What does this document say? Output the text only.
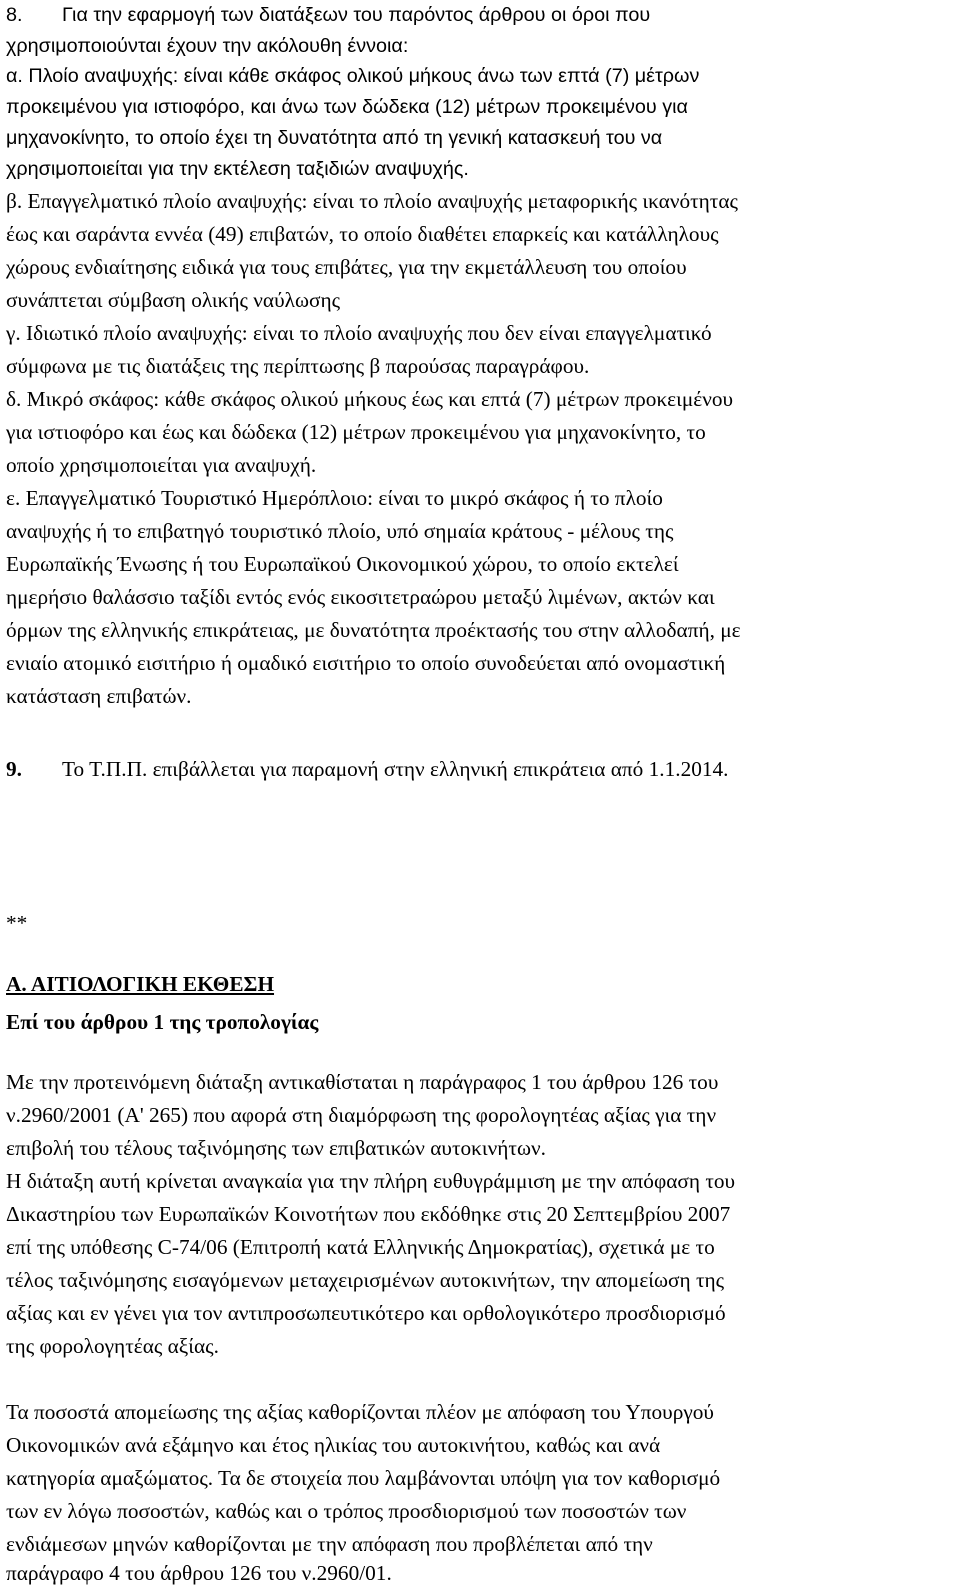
8. Για την εφαρμογή των διατάξεων του παρόντος άρθρου οι όροι που
χρησιμοποιούνται έχουν την ακόλουθη έννοια:
α. Πλοίο αναψυχής: είναι κάθε σκάφος ολικού μήκους άνω των επτά (7) μέτρων
προκειμένου για ιστιοφόρο, και άνω των δώδεκα (12) μέτρων προκειμένου για
μηχανοκίνητο, το οποίο έχει τη δυνατότητα από τη γενική κατασκευή του να
χρησιμοποιείται για την εκτέλεση ταξιδιών αναψυχής.
β. Επαγγελματικό πλοίο αναψυχής: είναι το πλοίο αναψυχής μεταφορικής ικανότητας
έως και σαράντα εννέα (49) επιβατών, το οποίο διαθέτει επαρκείς και κατάλληλους
χώρους ενδιαίτησης ειδικά για τους επιβάτες, για την εκμετάλλευση του οποίου
συνάπτεται σύμβαση ολικής ναύλωσης
γ. Ιδιωτικό πλοίο αναψυχής: είναι το πλοίο αναψυχής που δεν είναι επαγγελματικό
σύμφωνα με τις διατάξεις της περίπτωσης β παρούσας παραγράφου.
δ. Μικρό σκάφος: κάθε σκάφος ολικού μήκους έως και επτά (7) μέτρων προκειμένου
για ιστιοφόρο και έως και δώδεκα (12) μέτρων προκειμένου για μηχανοκίνητο, το
οποίο χρησιμοποιείται για αναψυχή.
ε. Επαγγελματικό Τουριστικό Ημερόπλοιο: είναι το μικρό σκάφος ή το πλοίο
αναψυχής ή το επιβατηγό τουριστικό πλοίο, υπό σημαία κράτους - μέλους της
Ευρωπαϊκής Ένωσης ή του Ευρωπαϊκού Οικονομικού χώρου, το οποίο εκτελεί
ημερήσιο θαλάσσιο ταξίδι εντός ενός εικοσιτετραώρου μεταξύ λιμένων, ακτών και
όρμων της ελληνικής επικράτειας, με δυνατότητα προέκτασής του στην αλλοδαπή, με
ενιαίο ατομικό εισιτήριο ή ομαδικό εισιτήριο το οποίο συνοδεύεται από ονομαστική
κατάσταση επιβατών.
9. Το Τ.Π.Π. επιβάλλεται για παραμονή στην ελληνική επικράτεια από 1.1.2014.
**
Α. ΑΙΤΙΟΛΟΓΙΚΗ ΕΚΘΕΣΗ
Επί του άρθρου 1 της τροπολογίας
Με την προτεινόμενη διάταξη αντικαθίσταται η παράγραφος 1 του άρθρου 126 του
ν.2960/2001 (Α' 265) που αφορά στη διαμόρφωση της φορολογητέας αξίας για την
επιβολή του τέλους ταξινόμησης των επιβατικών αυτοκινήτων.
Η διάταξη αυτή κρίνεται αναγκαία για την πλήρη ευθυγράμμιση με την απόφαση του
Δικαστηρίου των Ευρωπαϊκών Κοινοτήτων που εκδόθηκε στις 20 Σεπτεμβρίου 2007
επί της υπόθεσης C-74/06 (Επιτροπή κατά Ελληνικής Δημοκρατίας), σχετικά με το
τέλος ταξινόμησης εισαγόμενων μεταχειρισμένων αυτοκινήτων, την απομείωση της
αξίας και εν γένει για τον αντιπροσωπευτικότερο και ορθολογικότερο προσδιορισμό
της φορολογητέας αξίας.
Τα ποσοστά απομείωσης της αξίας καθορίζονται πλέον με απόφαση του Υπουργού
Οικονομικών ανά εξάμηνο και έτος ηλικίας του αυτοκινήτου, καθώς και ανά
κατηγορία αμαξώματος. Τα δε στοιχεία που λαμβάνονται υπόψη για τον καθορισμό
των εν λόγω ποσοστών, καθώς και ο τρόπος προσδιορισμού των ποσοστών των
ενδιάμεσων μηνών καθορίζονται με την απόφαση που προβλέπεται από την
παράγραφο 4 του άρθρου 126 του ν.2960/01.
